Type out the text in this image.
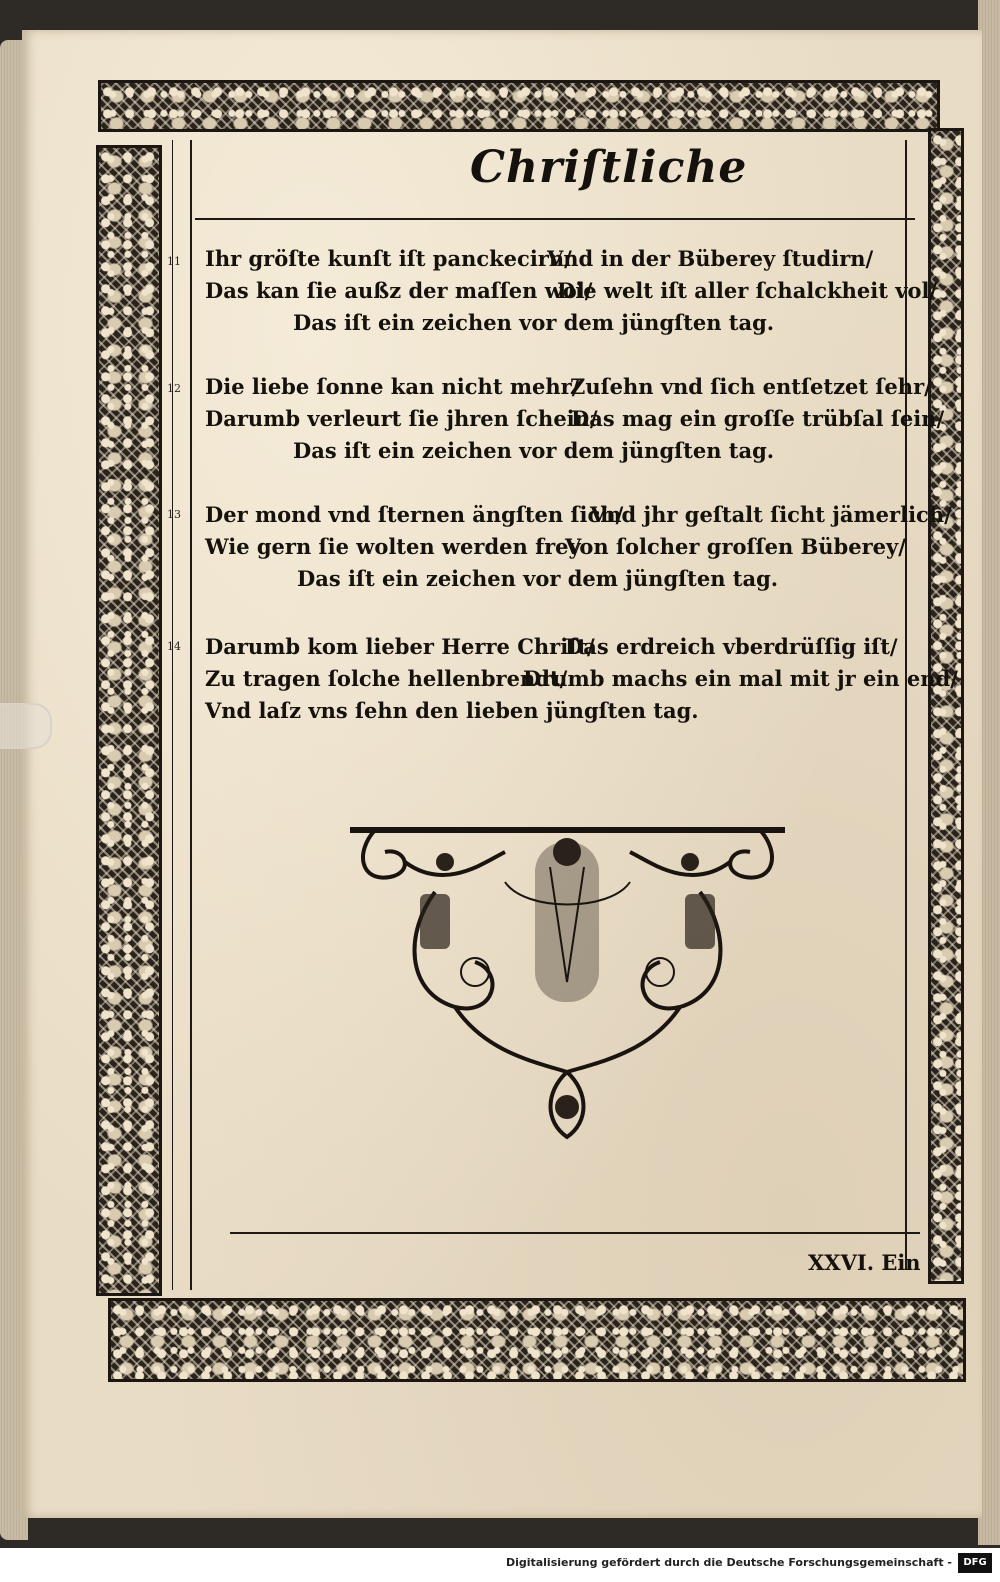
Chriſtliche
11
12
13
14
Ihr gröſte kunſt iſt panckecirn/
Vnd in der Büberey ſtudirn/
Das kan ſie außz der maſſen wol/
Die welt iſt aller ſchalckheit vol/
Das iſt ein zeichen vor dem jüngſten tag.
Die liebe ſonne kan nicht mehr/
Zuſehn vnd ſich entſetzet ſehr/
Darumb verleurt ſie jhren ſchein/
Das mag ein groſſe trübſal ſein/
Das iſt ein zeichen vor dem jüngſten tag.
Der mond vnd ſternen ängſten ſich/
Vnd jhr geſtalt ſicht jämerlich/
Wie gern ſie wolten werden frey
Von ſolcher groſſen Büberey/
Das iſt ein zeichen vor dem jüngſten tag.
Darumb kom lieber Herre Chriſt/
Das erdreich vberdrüſſig iſt/
Zu tragen ſolche hellenbrendt/
Drumb machs ein mal mit jr ein end/
Vnd laſz vns ſehn den lieben jüngſten tag.
XXVI. Ein
Digitalisierung gefördert durch die Deutsche Forschungsgemeinschaft -	DFG
